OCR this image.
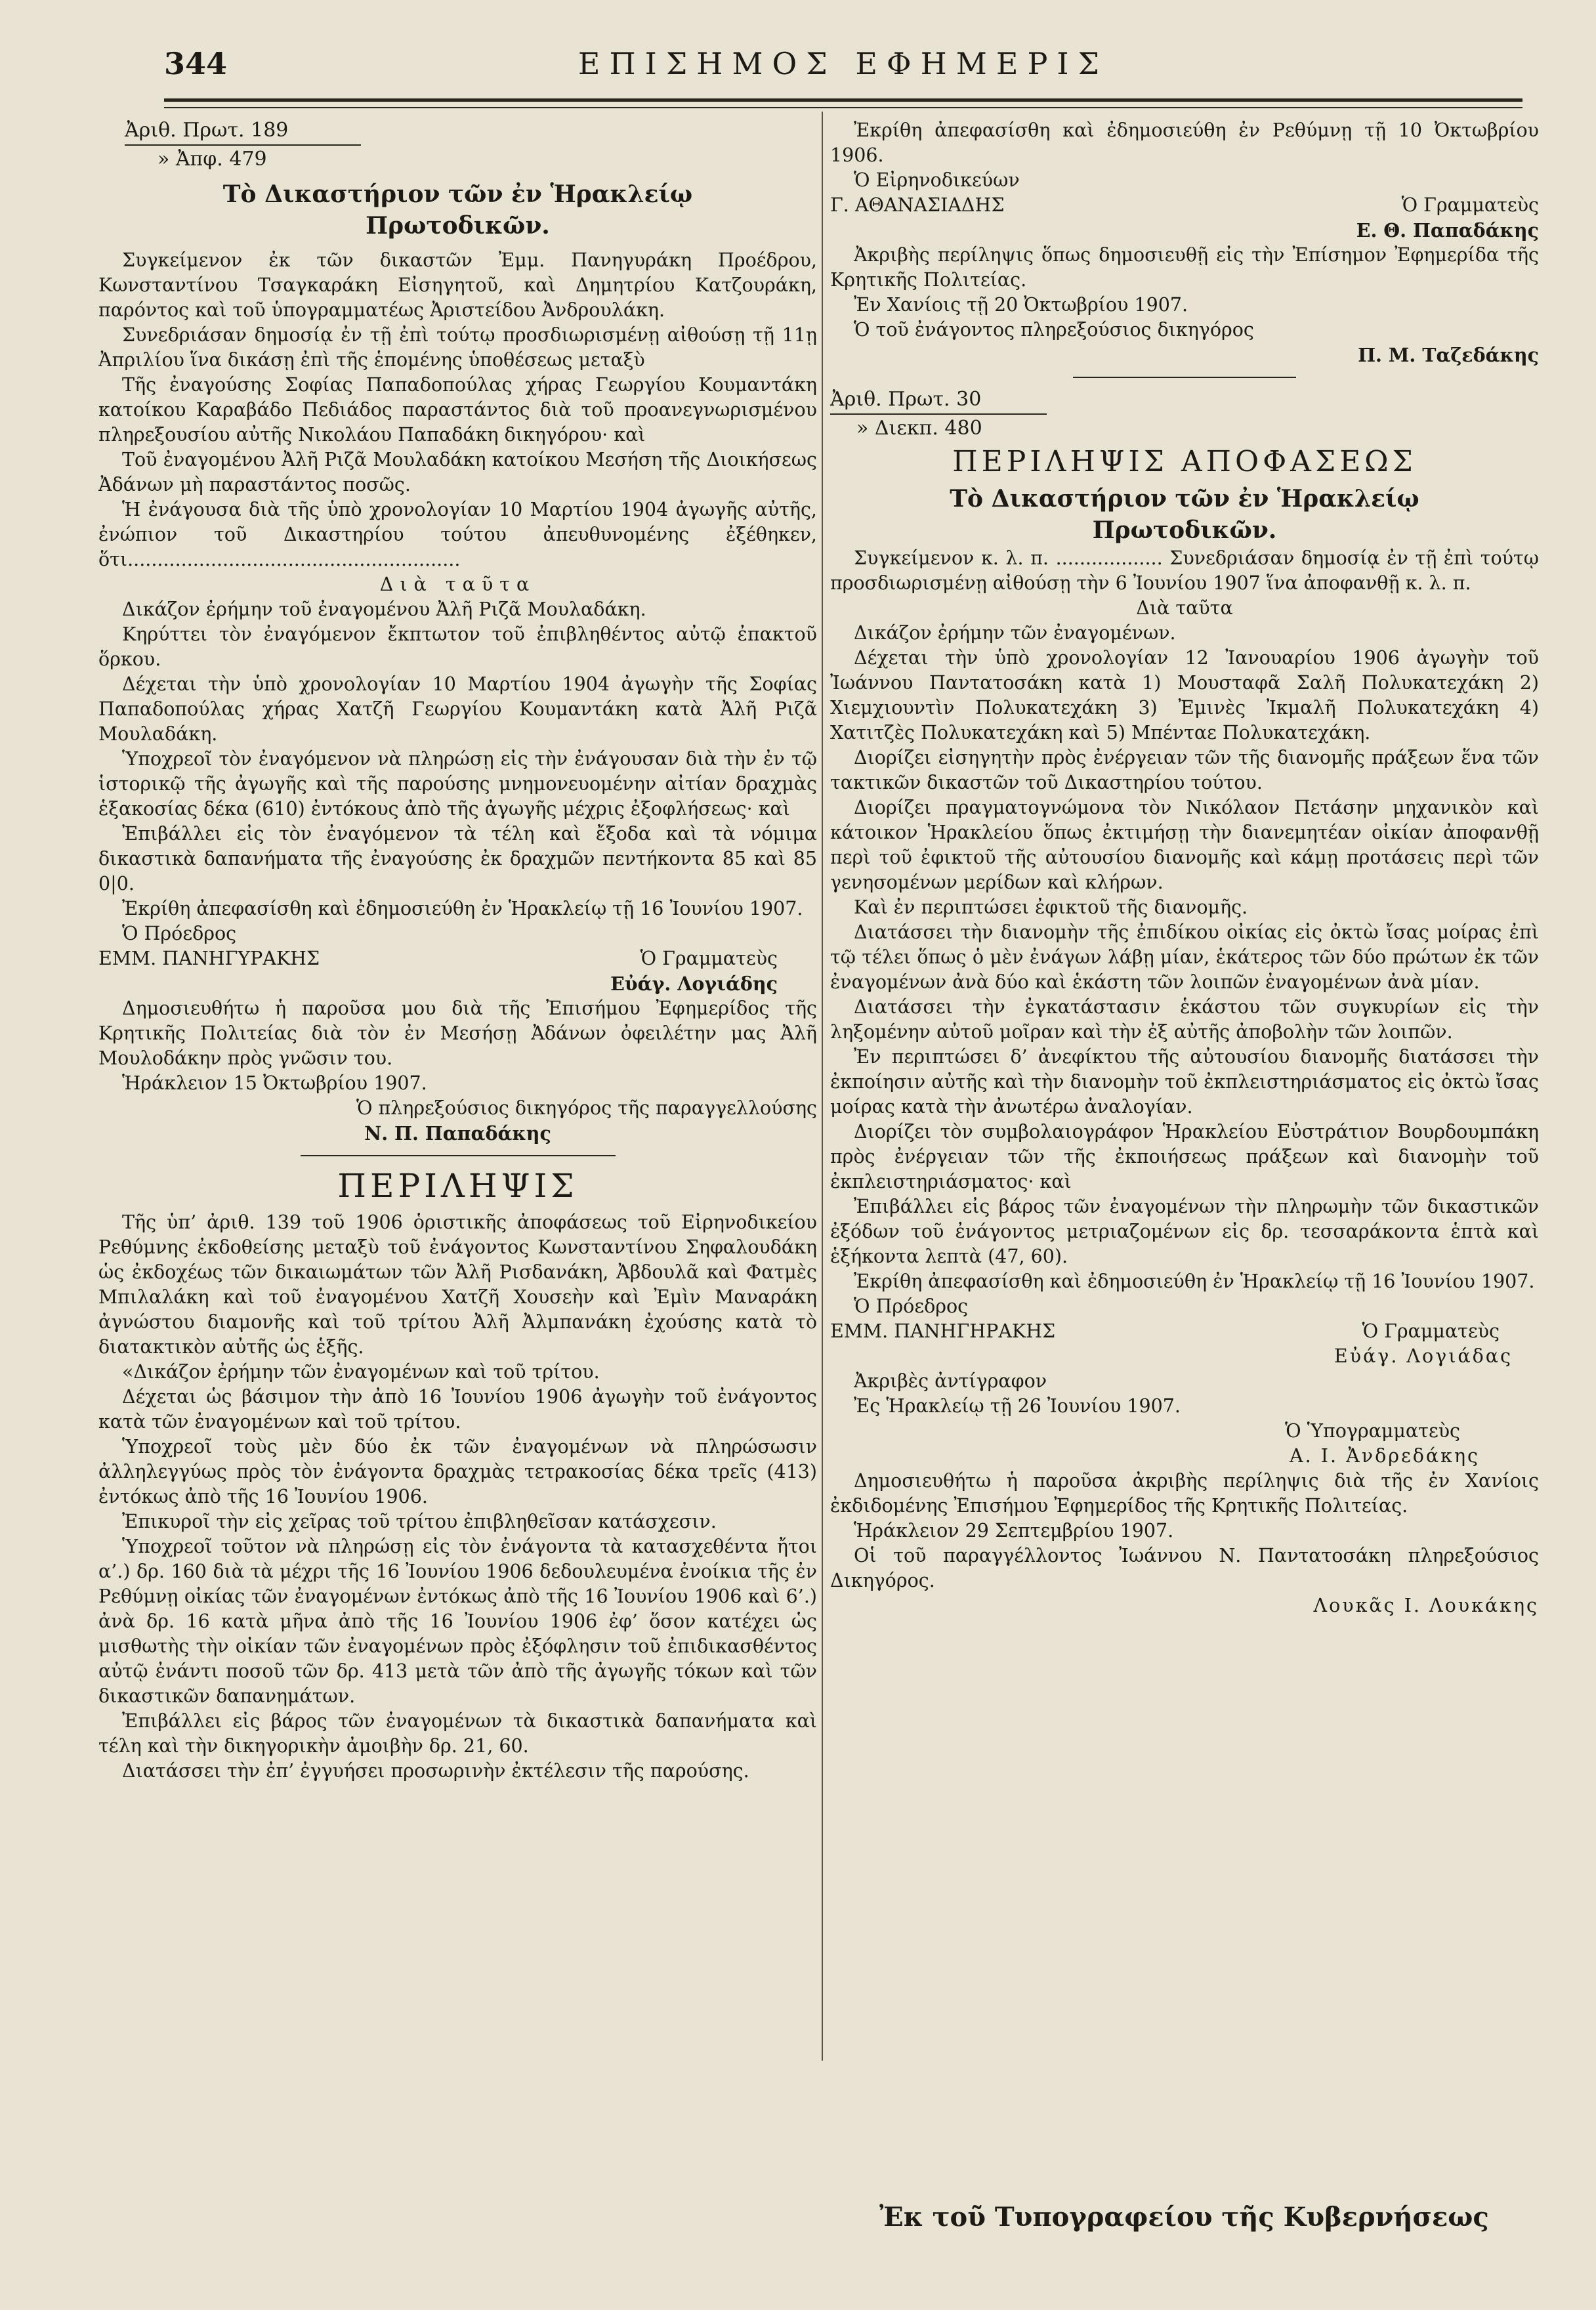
344	ΕΠΙΣΗΜΟΣ ΕΦΗΜΕΡΙΣ

Ἀριθ. Πρωτ. 189

» Ἀπφ. 479

Τὸ Δικαστήριον τῶν ἐν Ἡρακλείῳ

Πρωτοδικῶν.

Συγκείμενον ἐκ τῶν δικαστῶν Ἐμμ. Πανηγυράκη Προέδρου, Κωνσταντίνου Τσαγκαράκη Εἰσηγητοῦ, καὶ Δημητρίου Κατζουράκη, παρόντος καὶ τοῦ ὑπογραμματέως Ἀριστείδου Ἀνδρουλάκη.

Συνεδριάσαν δημοσίᾳ ἐν τῇ ἐπὶ τούτῳ προσδιωρισμένῃ αἰθούσῃ τῇ 11ῃ Ἀπριλίου ἵνα δικάσῃ ἐπὶ τῆς ἑπομένης ὑποθέσεως μεταξὺ

Τῆς ἐναγούσης Σοφίας Παπαδοπούλας χήρας Γεωργίου Κουμαντάκη κατοίκου Καραβάδο Πεδιάδος παραστάντος διὰ τοῦ προανεγνωρισμένου πληρεξουσίου αὐτῆς Νικολάου Παπαδάκη δικηγόρου· καὶ

Τοῦ ἐναγομένου Ἀλῆ Ριζᾶ Μουλαδάκη κατοίκου Μεσήση τῆς Διοικήσεως Ἀδάνων μὴ παραστάντος ποσῶς.

Ἡ ἐνάγουσα διὰ τῆς ὑπὸ χρονολογίαν 10 Μαρτίου 1904 ἀγωγῆς αὐτῆς, ἐνώπιον τοῦ Δικαστηρίου τούτου ἀπευθυνομένης ἐξέθηκεν, ὅτι........................................................

Διὰ ταῦτα

Δικάζον ἐρήμην τοῦ ἐναγομένου Ἀλῆ Ριζᾶ Μουλαδάκη.

Κηρύττει τὸν ἐναγόμενον ἔκπτωτον τοῦ ἐπιβληθέντος αὐτῷ ἐπακτοῦ ὅρκου.

Δέχεται τὴν ὑπὸ χρονολογίαν 10 Μαρτίου 1904 ἀγωγὴν τῆς Σοφίας Παπαδοπούλας χήρας Χατζῆ Γεωργίου Κουμαντάκη κατὰ Ἀλῆ Ριζᾶ Μουλαδάκη.

Ὑποχρεοῖ τὸν ἐναγόμενον νὰ πληρώσῃ εἰς τὴν ἐνάγουσαν διὰ τὴν ἐν τῷ ἱστορικῷ τῆς ἀγωγῆς καὶ τῆς παρούσης μνημονευομένην αἰτίαν δραχμὰς ἑξακοσίας δέκα (610) ἐντόκους ἀπὸ τῆς ἀγωγῆς μέχρις ἐξοφλήσεως· καὶ

Ἐπιβάλλει εἰς τὸν ἐναγόμενον τὰ τέλη καὶ ἔξοδα καὶ τὰ νόμιμα δικαστικὰ δαπανήματα τῆς ἐναγούσης ἐκ δραχμῶν πεντήκοντα 85 καὶ 85 0|0.

Ἐκρίθη ἀπεφασίσθη καὶ ἐδημοσιεύθη ἐν Ἡρακλείῳ τῇ 16 Ἰουνίου 1907.

Ὁ Πρόεδρος

ΕΜΜ. ΠΑΝΗΓΥΡΑΚΗΣ	Ὁ Γραμματεὺς

Εὐάγ. Λογιάδης

Δημοσιευθήτω ἡ παροῦσα μου διὰ τῆς Ἐπισήμου Ἐφημερίδος τῆς Κρητικῆς Πολιτείας διὰ τὸν ἐν Μεσήσῃ Ἀδάνων ὀφειλέτην μας Ἀλῆ Μουλοδάκην πρὸς γνῶσιν του.

Ἡράκλειον 15 Ὀκτωβρίου 1907.

Ὁ πληρεξούσιος δικηγόρος τῆς παραγγελλούσης

Ν. Π. Παπαδάκης

ΠΕΡΙΛΗΨΙΣ

Τῆς ὑπ’ ἀριθ. 139 τοῦ 1906 ὁριστικῆς ἀποφάσεως τοῦ Εἰρηνοδικείου Ρεθύμνης ἐκδοθείσης μεταξὺ τοῦ ἐνάγοντος Κωνσταντίνου Σηφαλουδάκη ὡς ἐκδοχέως τῶν δικαιωμάτων τῶν Ἀλῆ Ρισδανάκη, Ἀβδουλᾶ καὶ Φατμὲς Μπιλαλάκη καὶ τοῦ ἐναγομένου Χατζῆ Χουσεὴν καὶ Ἐμὶν Μαναράκη ἀγνώστου διαμονῆς καὶ τοῦ τρίτου Ἀλῆ Ἀλμπανάκη ἐχούσης κατὰ τὸ διατακτικὸν αὐτῆς ὡς ἑξῆς.

«Δικάζον ἐρήμην τῶν ἐναγομένων καὶ τοῦ τρίτου.

Δέχεται ὡς βάσιμον τὴν ἀπὸ 16 Ἰουνίου 1906 ἀγωγὴν τοῦ ἐνάγοντος κατὰ τῶν ἐναγομένων καὶ τοῦ τρίτου.

Ὑποχρεοῖ τοὺς μὲν δύο ἐκ τῶν ἐναγομένων νὰ πληρώσωσιν ἀλληλεγγύως πρὸς τὸν ἐνάγοντα δραχμὰς τετρακοσίας δέκα τρεῖς (413) ἐντόκως ἀπὸ τῆς 16 Ἰουνίου 1906.

Ἐπικυροῖ τὴν εἰς χεῖρας τοῦ τρίτου ἐπιβληθεῖσαν κατάσχεσιν.

Ὑποχρεοῖ τοῦτον νὰ πληρώσῃ εἰς τὸν ἐνάγοντα τὰ κατασχεθέντα ἤτοι α’.) δρ. 160 διὰ τὰ μέχρι τῆς 16 Ἰουνίου 1906 δεδουλευμένα ἐνοίκια τῆς ἐν Ρεθύμνῃ οἰκίας τῶν ἐναγομένων ἐντόκως ἀπὸ τῆς 16 Ἰουνίου 1906 καὶ 6’.) ἀνὰ δρ. 16 κατὰ μῆνα ἀπὸ τῆς 16 Ἰουνίου 1906 ἐφ’ ὅσον κατέχει ὡς μισθωτὴς τὴν οἰκίαν τῶν ἐναγομένων πρὸς ἐξόφλησιν τοῦ ἐπιδικασθέντος αὐτῷ ἐνάντι ποσοῦ τῶν δρ. 413 μετὰ τῶν ἀπὸ τῆς ἀγωγῆς τόκων καὶ τῶν δικαστικῶν δαπανημάτων.

Ἐπιβάλλει εἰς βάρος τῶν ἐναγομένων τὰ δικαστικὰ δαπανήματα καὶ τέλη καὶ τὴν δικηγορικὴν ἀμοιβὴν δρ. 21, 60.

Διατάσσει τὴν ἐπ’ ἐγγυήσει προσωρινὴν ἐκτέλεσιν τῆς παρούσης.

Ἐκρίθη ἀπεφασίσθη καὶ ἐδημοσιεύθη ἐν Ρεθύμνῃ τῇ 10 Ὀκτωβρίου 1906.

Ὁ Εἰρηνοδικεύων

Γ. ΑΘΑΝΑΣΙΑΔΗΣ	Ὁ Γραμματεὺς

Ε. Θ. Παπαδάκης

Ἀκριβὴς περίληψις ὅπως δημοσιευθῇ εἰς τὴν Ἐπίσημον Ἐφημερίδα τῆς Κρητικῆς Πολιτείας.

Ἐν Χανίοις τῇ 20 Ὀκτωβρίου 1907.

Ὁ τοῦ ἐνάγοντος πληρεξούσιος δικηγόρος

Π. Μ. Ταζεδάκης

Ἀριθ. Πρωτ. 30

» Διεκπ. 480

ΠΕΡΙΛΗΨΙΣ ΑΠΟΦΑΣΕΩΣ

Τὸ Δικαστήριον τῶν ἐν Ἡρακλείῳ

Πρωτοδικῶν.

Συγκείμενον κ. λ. π. .................. Συνεδριάσαν δημοσίᾳ ἐν τῇ ἐπὶ τούτῳ προσδιωρισμένῃ αἰθούσῃ τὴν 6 Ἰουνίου 1907 ἵνα ἀποφανθῇ κ. λ. π.

Διὰ ταῦτα

Δικάζον ἐρήμην τῶν ἐναγομένων.

Δέχεται τὴν ὑπὸ χρονολογίαν 12 Ἰανουαρίου 1906 ἀγωγὴν τοῦ Ἰωάννου Παντατοσάκη κατὰ 1) Μουσταφᾶ Σαλῆ Πολυκατεχάκη 2) Χιεμχιουντὶν Πολυκατεχάκη 3) Ἐμινὲς Ἰκμαλῆ Πολυκατεχάκη 4) Χατιτζὲς Πολυκατεχάκη καὶ 5) Μπένταε Πολυκατεχάκη.

Διορίζει εἰσηγητὴν πρὸς ἐνέργειαν τῶν τῆς διανομῆς πράξεων ἕνα τῶν τακτικῶν δικαστῶν τοῦ Δικαστηρίου τούτου.

Διορίζει πραγματογνώμονα τὸν Νικόλαον Πετάσην μηχανικὸν καὶ κάτοικον Ἡρακλείου ὅπως ἐκτιμήσῃ τὴν διανεμητέαν οἰκίαν ἀποφανθῇ περὶ τοῦ ἐφικτοῦ τῆς αὐτουσίου διανομῆς καὶ κάμῃ προτάσεις περὶ τῶν γενησομένων μερίδων καὶ κλήρων.

Καὶ ἐν περιπτώσει ἐφικτοῦ τῆς διανομῆς.

Διατάσσει τὴν διανομὴν τῆς ἐπιδίκου οἰκίας εἰς ὀκτὼ ἴσας μοίρας ἐπὶ τῷ τέλει ὅπως ὁ μὲν ἐνάγων λάβῃ μίαν, ἑκάτερος τῶν δύο πρώτων ἐκ τῶν ἐναγομένων ἀνὰ δύο καὶ ἑκάστη τῶν λοιπῶν ἐναγομένων ἀνὰ μίαν.

Διατάσσει τὴν ἐγκατάστασιν ἑκάστου τῶν συγκυρίων εἰς τὴν ληξομένην αὐτοῦ μοῖραν καὶ τὴν ἐξ αὐτῆς ἀποβολὴν τῶν λοιπῶν.

Ἐν περιπτώσει δ’ ἀνεφίκτου τῆς αὐτουσίου διανομῆς διατάσσει τὴν ἐκποίησιν αὐτῆς καὶ τὴν διανομὴν τοῦ ἐκπλειστηριάσματος εἰς ὀκτὼ ἴσας μοίρας κατὰ τὴν ἀνωτέρω ἀναλογίαν.

Διορίζει τὸν συμβολαιογράφον Ἡρακλείου Εὐστράτιον Βουρδουμπάκη πρὸς ἐνέργειαν τῶν τῆς ἐκποιήσεως πράξεων καὶ διανομὴν τοῦ ἐκπλειστηριάσματος· καὶ

Ἐπιβάλλει εἰς βάρος τῶν ἐναγομένων τὴν πληρωμὴν τῶν δικαστικῶν ἐξόδων τοῦ ἐνάγοντος μετριαζομένων εἰς δρ. τεσσαράκοντα ἑπτὰ καὶ ἑξήκοντα λεπτὰ (47, 60).

Ἐκρίθη ἀπεφασίσθη καὶ ἐδημοσιεύθη ἐν Ἡρακλείῳ τῇ 16 Ἰουνίου 1907.

Ὁ Πρόεδρος

ΕΜΜ. ΠΑΝΗΓΗΡΑΚΗΣ	Ὁ Γραμματεὺς

Εὐάγ. Λογιάδας

Ἀκριβὲς ἀντίγραφον

Ἐς Ἡρακλείῳ τῇ 26 Ἰουνίου 1907.

Ὁ Ὑπογραμματεὺς

Α. Ι. Ἀνδρεδάκης

Δημοσιευθήτω ἡ παροῦσα ἀκριβὴς περίληψις διὰ τῆς ἐν Χανίοις ἐκδιδομένης Ἐπισήμου Ἐφημερίδος τῆς Κρητικῆς Πολιτείας.

Ἡράκλειον 29 Σεπτεμβρίου 1907.

Οἱ τοῦ παραγγέλλοντος Ἰωάννου Ν. Παντατοσάκη πληρεξούσιος Δικηγόρος.

Λουκᾶς Ι. Λουκάκης

Ἐκ τοῦ Τυπογραφείου τῆς Κυβερνήσεως
